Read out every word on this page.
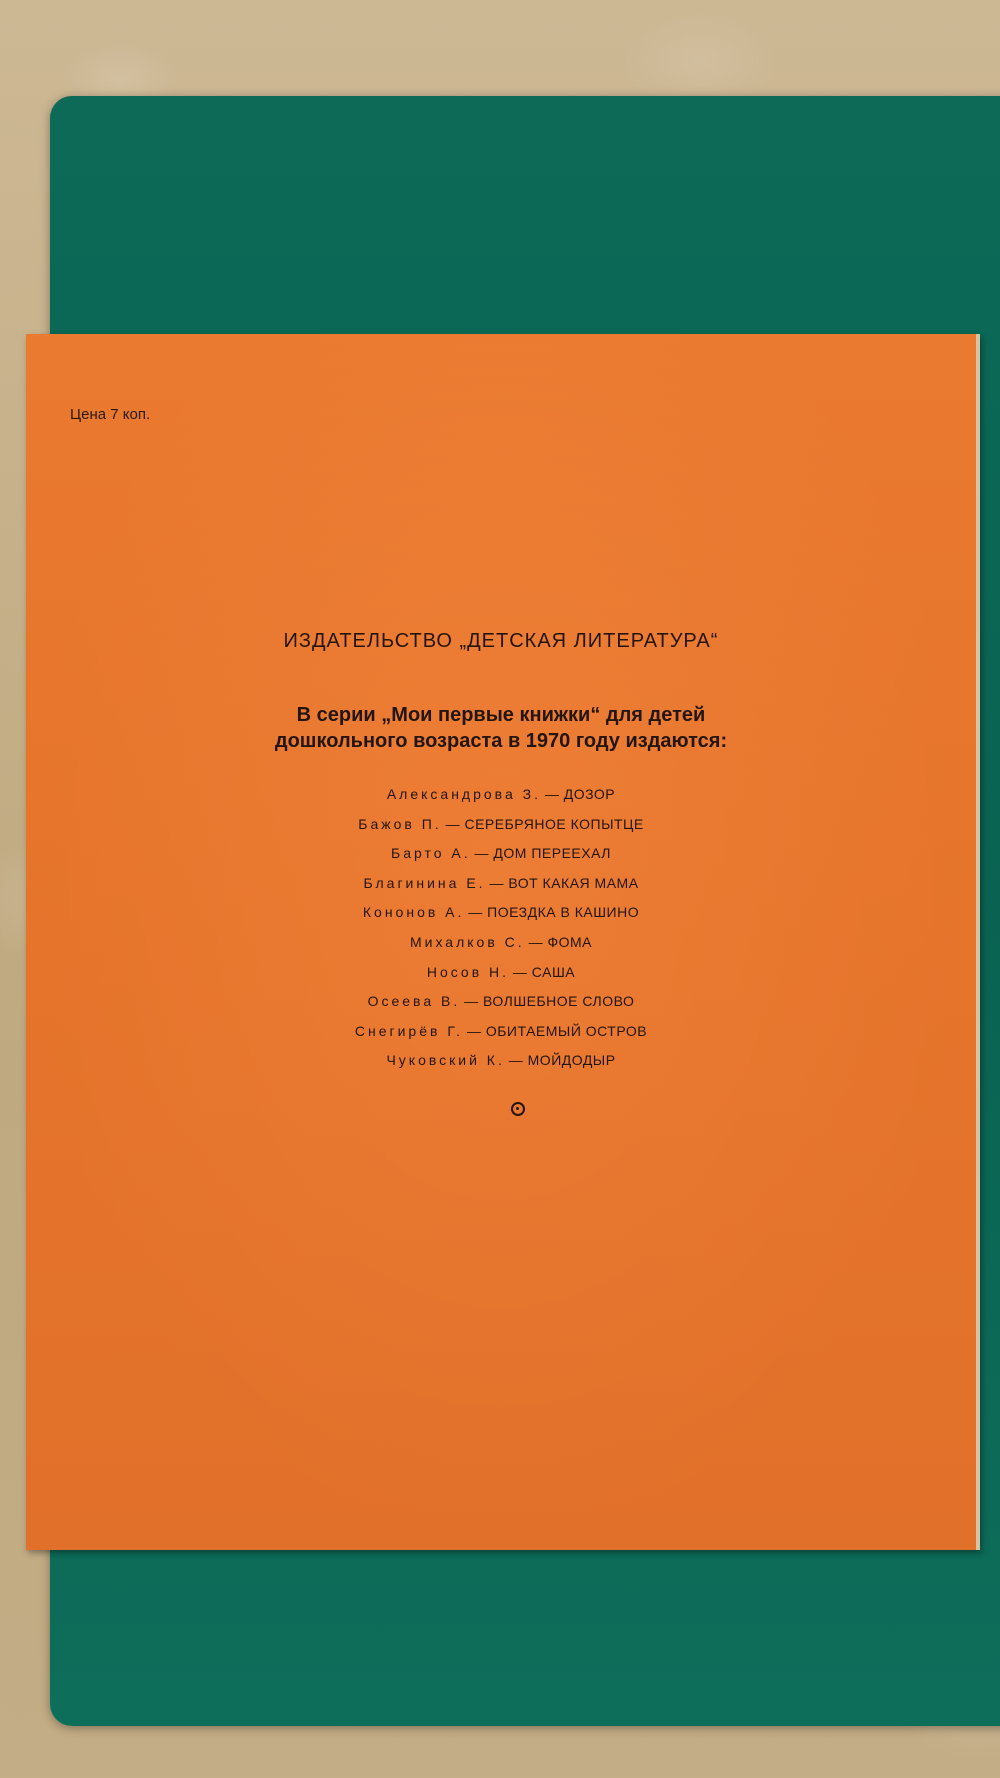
Цена 7 коп.
ИЗДАТЕЛЬСТВО „ДЕТСКАЯ ЛИТЕРАТУРА“
В серии „Мои первые книжки“ для детей
дошкольного возраста в 1970 году издаются:
Александрова З. — ДОЗОР
Бажов П. — СЕРЕБРЯНОЕ КОПЫТЦЕ
Барто А. — ДОМ ПЕРЕЕХАЛ
Благинина Е. — ВОТ КАКАЯ МАМА
Кононов А. — ПОЕЗДКА В КАШИНО
Михалков С. — ФОМА
Носов Н. — САША
Осеева В. — ВОЛШЕБНОЕ СЛОВО
Снегирёв Г. — ОБИТАЕМЫЙ ОСТРОВ
Чуковский К. — МОЙДОДЫР
